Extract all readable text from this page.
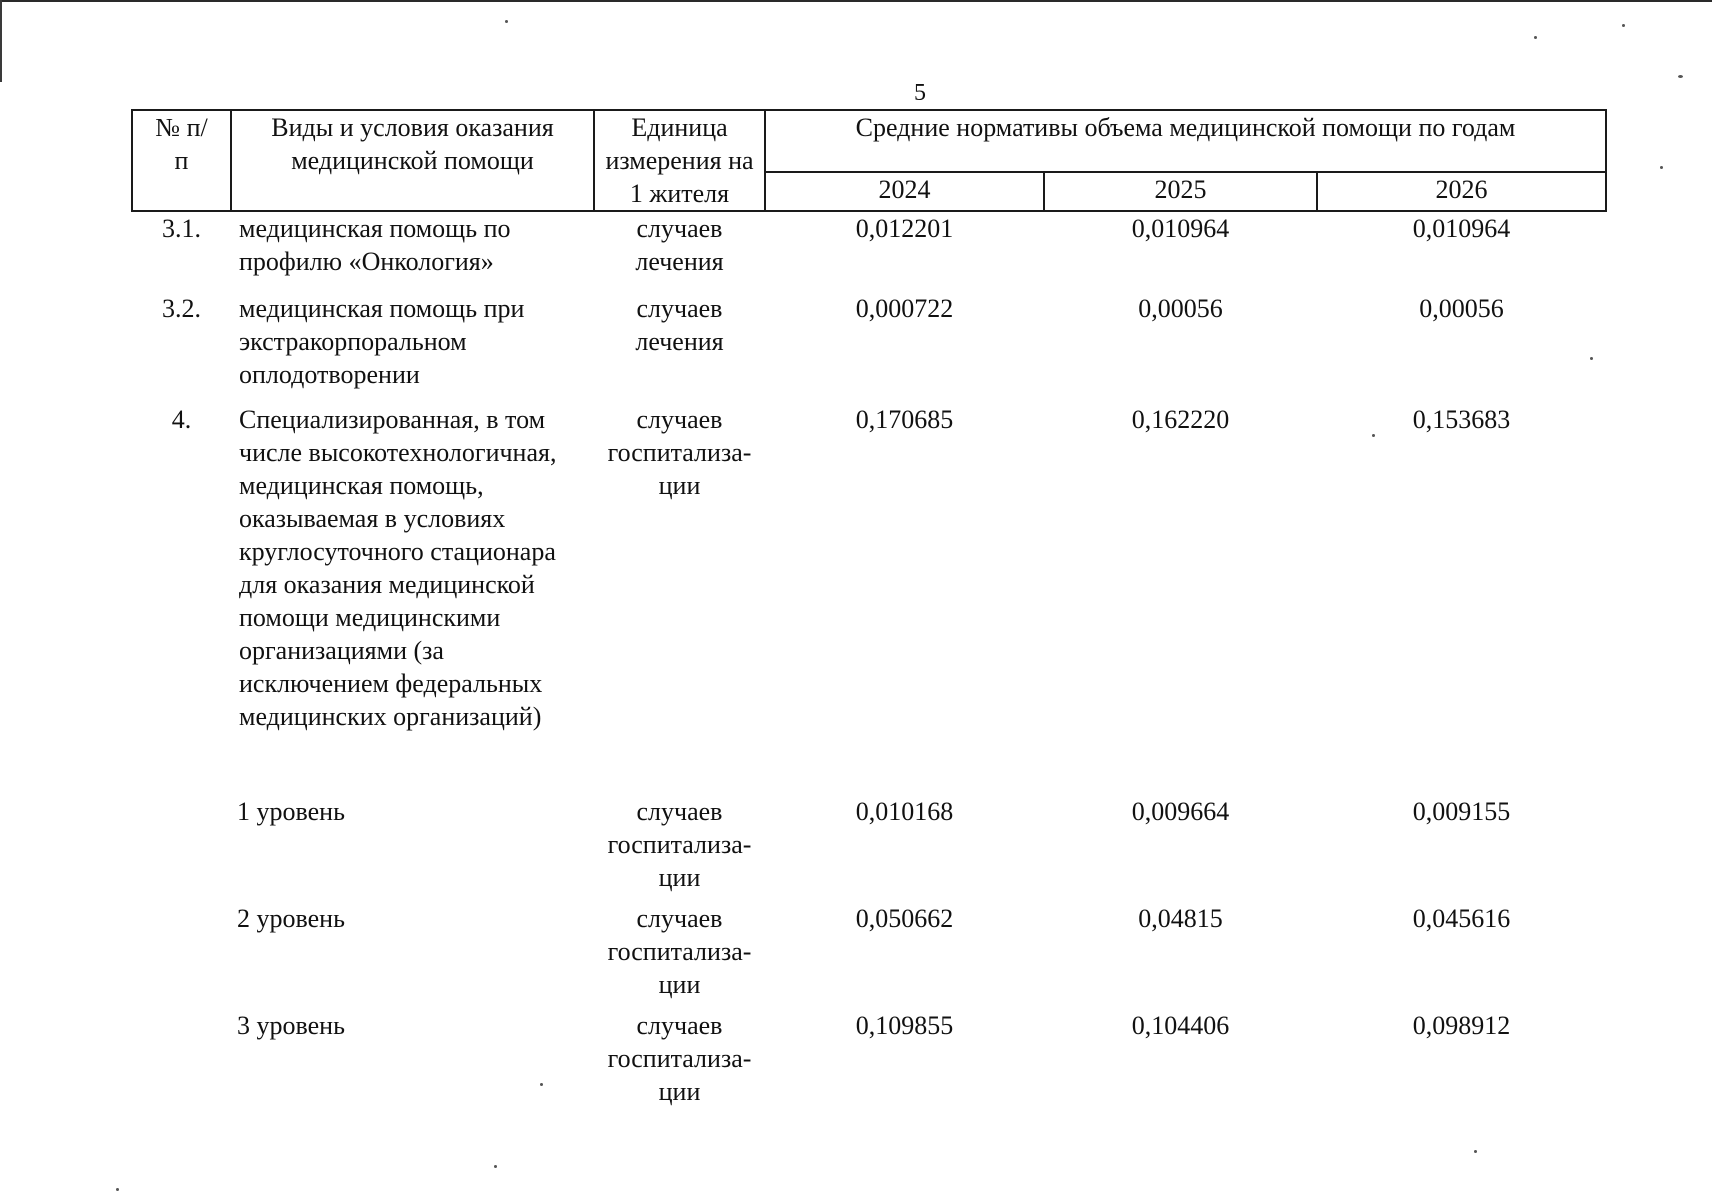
5
№ п/п	Виды и условия оказания медицинской помощи	Единица измерения на 1 жителя	Средние нормативы объема медицинской помощи по годам		
			2024	2025	2026
3.1.	медицинская помощь по профилю «Онкология»	случаев лечения	0,012201	0,010964	0,010964
3.2.	медицинская помощь при экстракорпоральном оплодотворении	случаев лечения	0,000722	0,00056	0,00056
4.	Специализированная, в том числе высокотехнологичная, медицинская помощь, оказываемая в условиях круглосуточного стационара для оказания медицинской помощи медицинскими организациями (за исключением федеральных медицинских организаций)	случаев госпитализа-ции	0,170685	0,162220	0,153683
	1 уровень	случаев госпитализа-ции	0,010168	0,009664	0,009155
	2 уровень	случаев госпитализа-ции	0,050662	0,04815	0,045616
	3 уровень	случаев госпитализа-ции	0,109855	0,104406	0,098912
